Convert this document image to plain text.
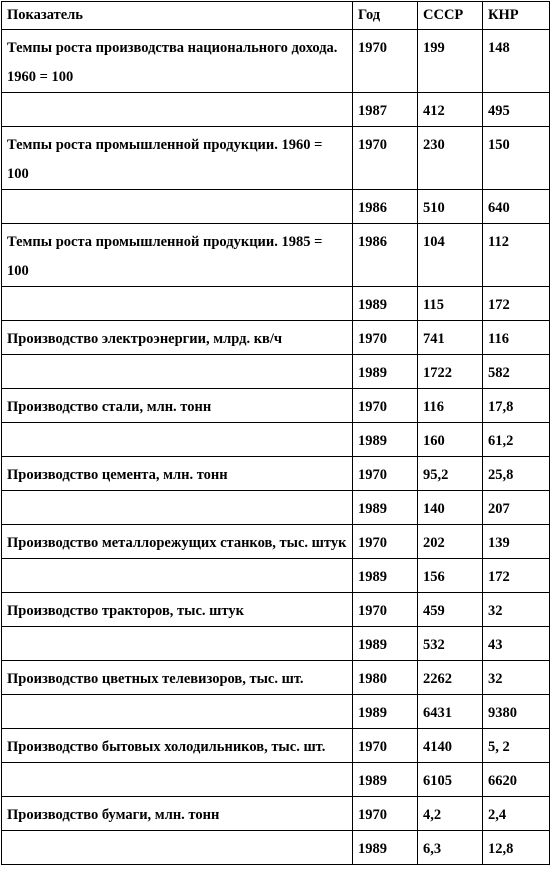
Показатель	Год	СССР	КНР
Темпы роста производства национального дохода. 1960 = 100	1970	199	148
	1987	412	495
Темпы роста промышленной продукции. 1960 = 100	1970	230	150
	1986	510	640
Темпы роста промышленной продукции. 1985 = 100	1986	104	112
	1989	115	172
Производство электроэнергии, млрд. кв/ч	1970	741	116
	1989	1722	582
Производство стали, млн. тонн	1970	116	17,8
	1989	160	61,2
Производство цемента, млн. тонн	1970	95,2	25,8
	1989	140	207
Производство металлорежущих станков, тыс. штук	1970	202	139
	1989	156	172
Производство тракторов, тыс. штук	1970	459	32
	1989	532	43
Производство цветных телевизоров, тыс. шт.	1980	2262	32
	1989	6431	9380
Производство бытовых холодильников, тыс. шт.	1970	4140	5, 2
	1989	6105	6620
Производство бумаги, млн. тонн	1970	4,2	2,4
	1989	6,3	12,8
